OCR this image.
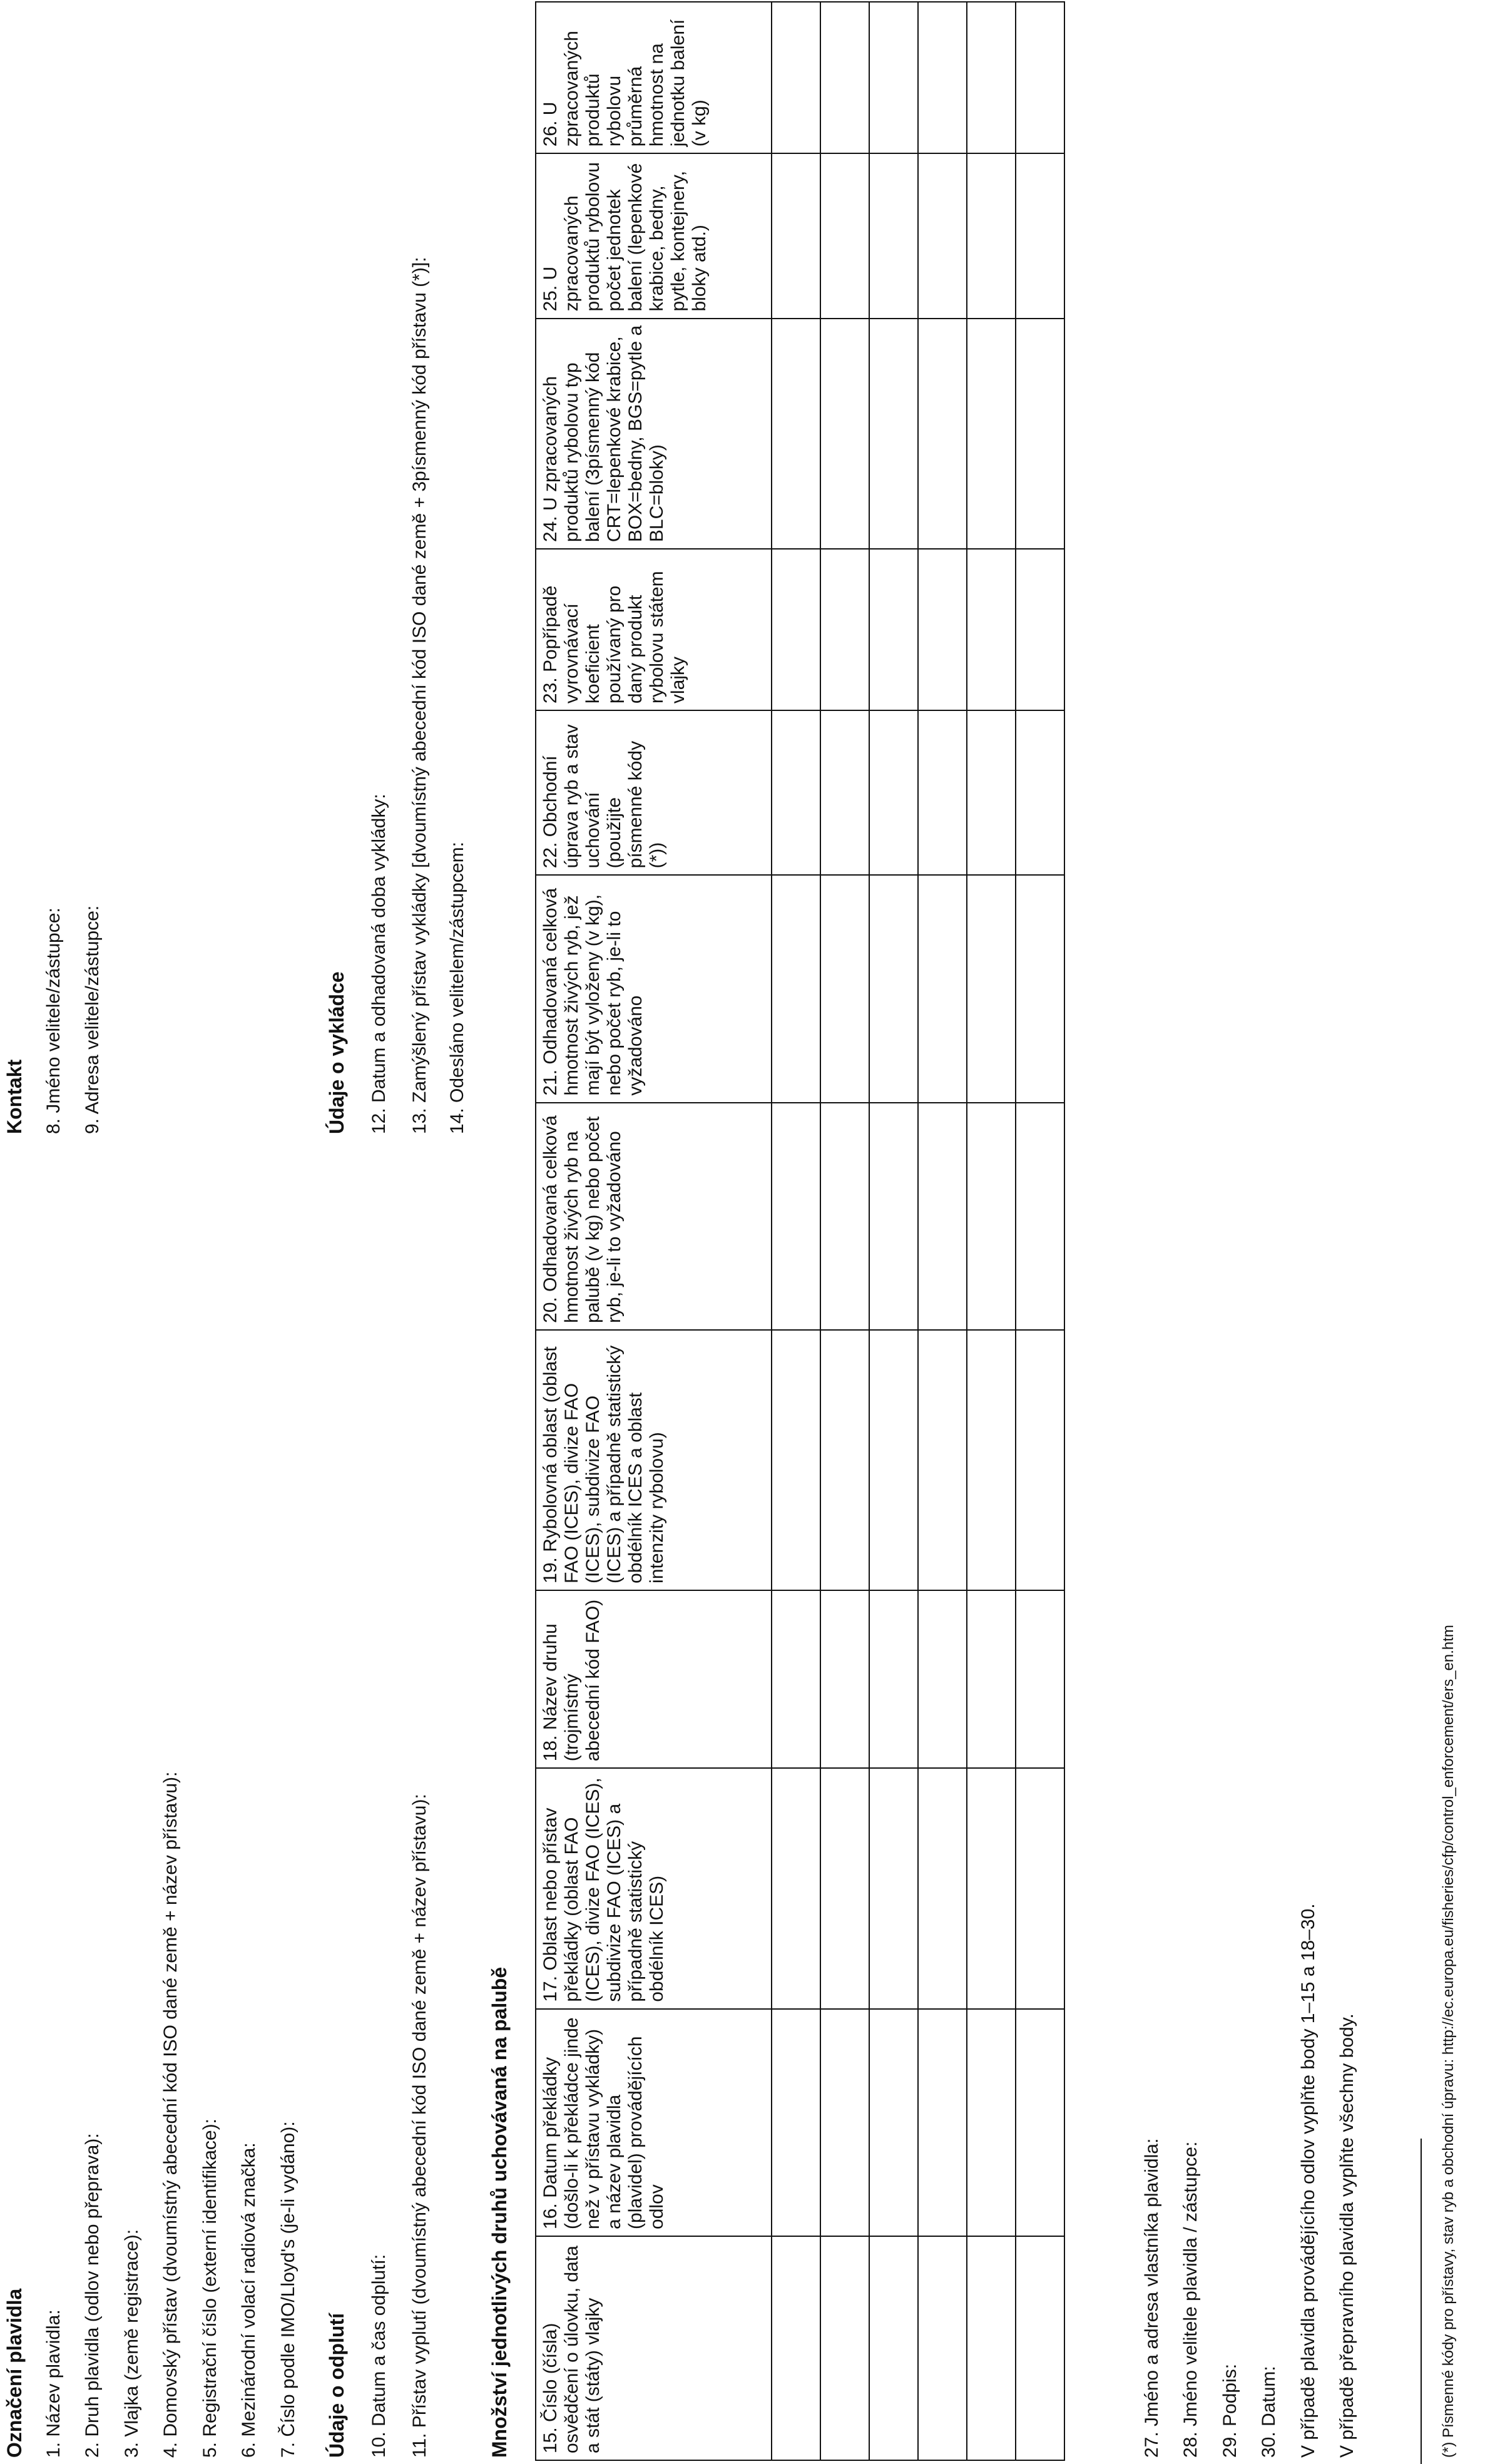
Označení plavidla 1. Název plavidla: 2. Druh plavidla (odlov nebo přeprava):	3. Vlajka (země registrace): 4. Domovský přístav (dvoumístný abecední kód ISO dané země + název přístavu):	5. Registrační číslo (externí identifikace): 6. Mezinárodní volací radiová značka:	7. Číslo podle IMO/Lloyd's (je-li vydáno):
Kontakt 8. Jméno velitele/zástupce: 9. Adresa velitele/zástupce:
Údaje o odplutí	10. Datum a čas odplutí:	11. Přístav vyplutí (dvoumístný abecední kód ISO dané země + název přístavu):
Údaje o vykládce	12. Datum a odhadovaná doba vykládky:	13. Zamýšlený přístav vykládky [dvoumístný abecední kód ISO dané země + 3písmenný kód přístavu (*)]: 14. Odesláno velitelem/zástupcem:
Množství jednotlivých druhů uchovávaná na palubě 15. Číslo (čísla) osvědčení o úlovku, data a stát (státy) vlajky	16. Datum překládky (došlo-li k překládce jinde než v přístavu vykládky) a název plavidla (plavidel) provádějících odlov	17. Oblast nebo přístav překládky (oblast FAO (ICES), divize FAO (ICES), subdivize FAO (ICES) a případně statistický obdélník ICES)	18. Název druhu (trojmístný abecední kód FAO)	19. Rybolovná oblast (oblast FAO (ICES), divize FAO (ICES), subdivize FAO (ICES) a případně statistický obdélník ICES a oblast intenzity rybolovu)	20. Odhadovaná celková hmotnost živých ryb na palubě (v kg) nebo počet ryb, je-li to vyžadováno	21. Odhadovaná celková hmotnost živých ryb, jež mají být vyloženy (v kg), nebo počet ryb, je-li to vyžadováno	22. Obchodní úprava ryb a stav uchování (použijte písmenné kódy (*))	23. Popřípadě vyrovnávací koeficient používaný pro daný produkt rybolovu státem vlajky	24. U zpracovaných produktů rybolovu typ balení (3písmenný kód CRT=lepenkové krabice, BOX=bedny, BGS=pytle a BLC=bloky)	25. U zpracovaných produktů rybolovu počet jednotek balení (lepenkové krabice, bedny, pytle, kontejnery, bloky atd.)	26. U zpracovaných produktů rybolovu průměrná hmotnost na jednotku balení (v kg)

27. Jméno a adresa vlastníka plavidla: 28. Jméno velitele plavidla / zástupce:	29. Podpis: 30. Datum:	V případě plavidla provádějícího odlov vyplňte body 1–15 a 18–30. V případě přepravního plavidla vyplňte všechny body.	(*) Písmenné kódy pro přístavy, stav ryb a obchodní úpravu: http://ec.europa.eu/fisheries/cfp/control_enforcement/ers_en.htm
